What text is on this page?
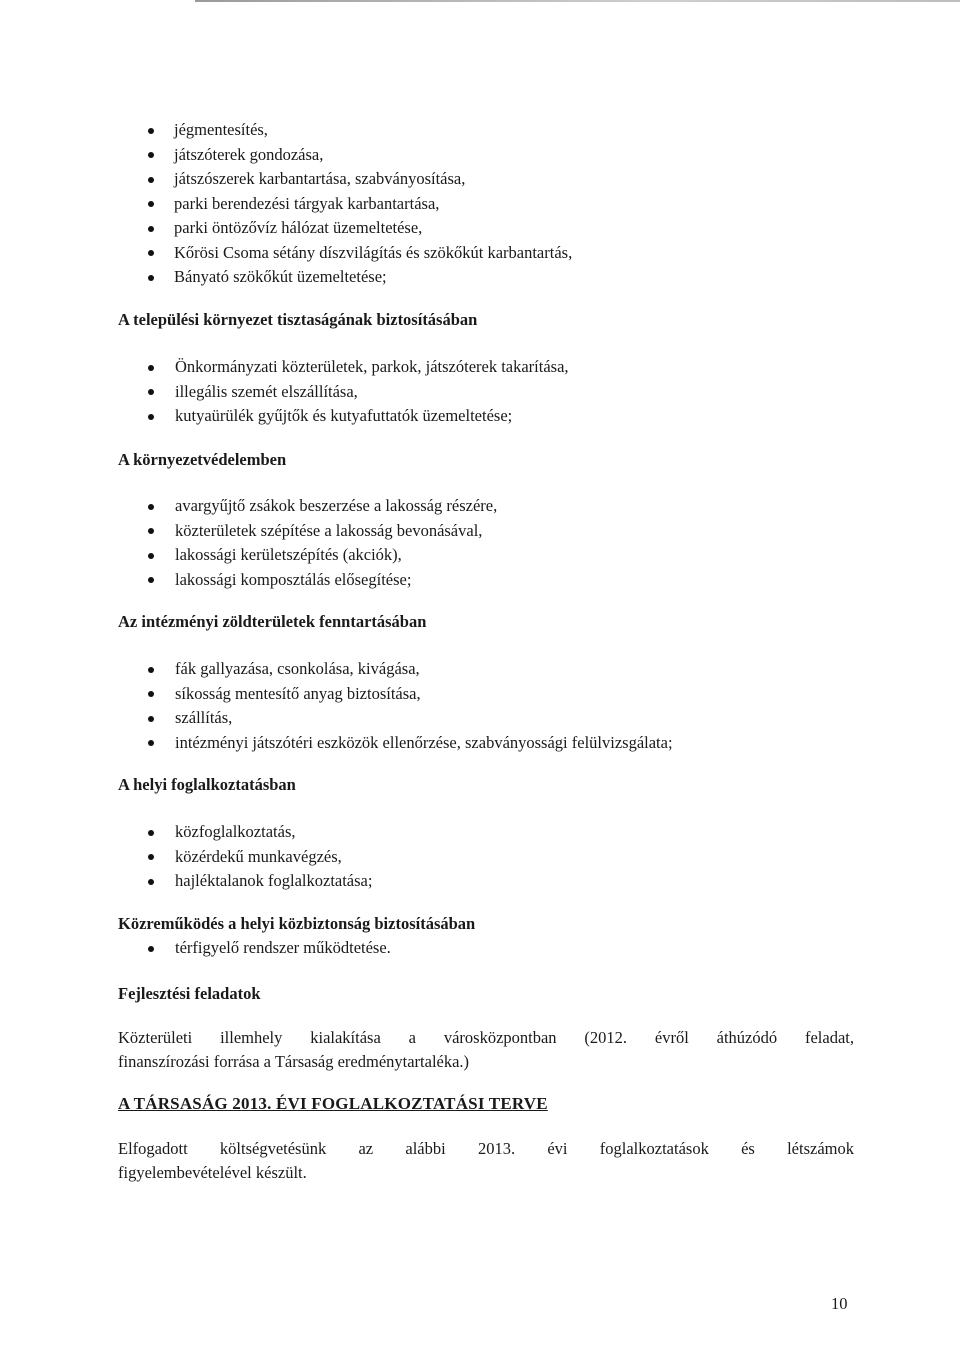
jégmentesítés,
játszóterek gondozása,
játszószerek karbantartása, szabványosítása,
parki berendezési tárgyak karbantartása,
parki öntözővíz hálózat üzemeltetése,
Kőrösi Csoma sétány díszvilágítás és szökőkút karbantartás,
Bányató szökőkút üzemeltetése;
A települési környezet tisztaságának biztosításában
Önkormányzati közterületek, parkok, játszóterek takarítása,
illegális szemét elszállítása,
kutyaürülék gyűjtők és kutyafuttatók üzemeltetése;
A környezetvédelemben
avargyűjtő zsákok beszerzése a lakosság részére,
közterületek szépítése a lakosság bevonásával,
lakossági kerületszépítés (akciók),
lakossági komposztálás elősegítése;
Az intézményi zöldterületek fenntartásában
fák gallyazása, csonkolása, kivágása,
síkosság mentesítő anyag biztosítása,
szállítás,
intézményi játszótéri eszközök ellenőrzése, szabványossági felülvizsgálata;
A helyi foglalkoztatásban
közfoglalkoztatás,
közérdekű munkavégzés,
hajléktalanok foglalkoztatása;
Közreműködés a helyi közbiztonság biztosításában
térfigyelő rendszer működtetése.
Fejlesztési feladatok
Közterületi illemhely kialakítása a városközpontban (2012. évről áthúzódó feladat,
finanszírozási forrása a Társaság eredménytartaléka.)
A TÁRSASÁG 2013. ÉVI FOGLALKOZTATÁSI TERVE
Elfogadott költségvetésünk az alábbi 2013. évi foglalkoztatások és létszámok
figyelembevételével készült.
10
